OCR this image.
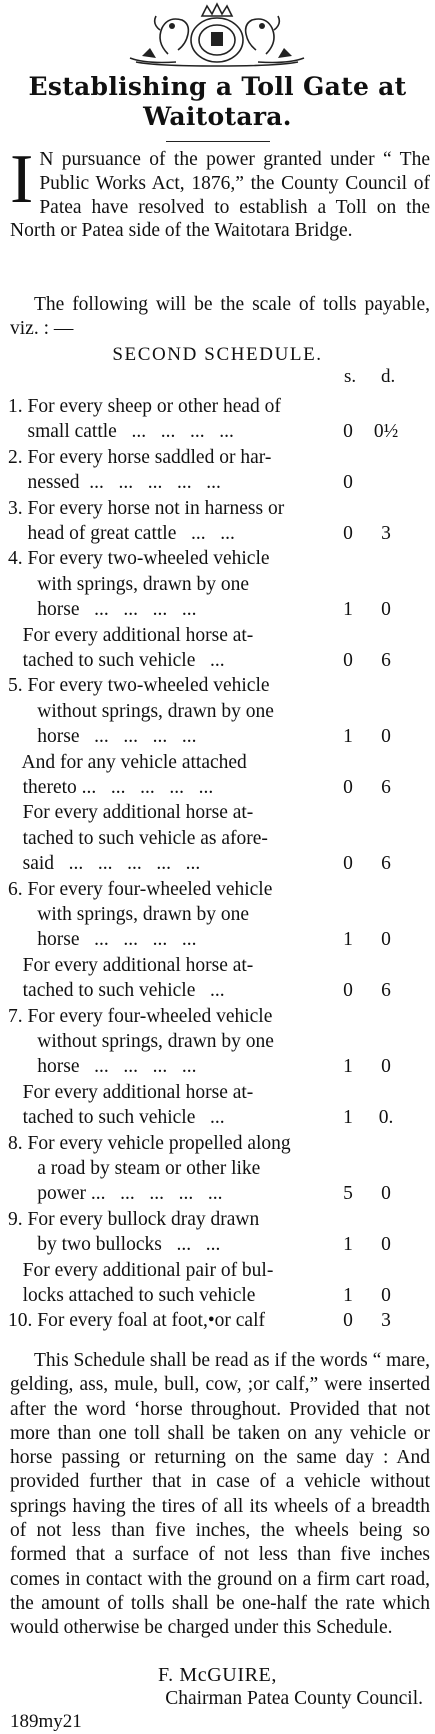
Establishing a Toll Gate at Waitotara.

I N pursuance of the power granted under “ The Public Works Act, 1876,” the County Council of Patea have resolved to establish a Toll on the North or Patea side of the Waitotara Bridge.

The following will be the scale of tolls payable, viz. : —

SECOND SCHEDULE.
s. d.
1. For every sheep or other head of
small cattle   ...   ...   ...   ...	0 0½
2. For every horse saddled or har-
nessed  ...   ...   ...   ...   ...	0
3. For every horse not in harness or
head of great cattle   ...   ...	0	3
4. For every two-wheeled vehicle
with springs, drawn by one
horse   ...   ...   ...   ...	1	0
For every additional horse at-
tached to such vehicle   ...	0	6
5. For every two-wheeled vehicle
without springs, drawn by one
horse   ...   ...   ...   ...	1	0
And for any vehicle attached
thereto ...   ...   ...   ...   ...	0	6
For every additional horse at-
tached to such vehicle as afore-
said   ...   ...   ...   ...   ...	0	6
6. For every four-wheeled vehicle
with springs, drawn by one
horse   ...   ...   ...   ...	1	0
For every additional horse at-
tached to such vehicle   ...	0	6
7. For every four-wheeled vehicle
without springs, drawn by one
horse   ...   ...   ...   ...	1	0
For every additional horse at-
tached to such vehicle   ...	1	0.
8. For every vehicle propelled along
a road by steam or other like
power ...   ...   ...   ...   ...	5	0
9. For every bullock dray drawn
by two bullocks   ...   ...	1	0
For every additional pair of bul-
locks attached to such vehicle	1	0
10. For every foal at foot,•or calf	0	3

This Schedule shall be read as if the words “ mare, gelding, ass, mule, bull, cow, ;or calf,” were inserted after the word ‘horse throughout. Provided that not more than one toll shall be taken on any vehicle or horse passing or returning on the same day : And provided further that in case of a vehicle without springs having the tires of all its wheels of a breadth of not less than five inches, the wheels being so formed that a surface of not less than five inches comes in contact with the ground on a firm cart road, the amount of tolls shall be one-half the rate which would otherwise be charged under this Schedule.

F. McGUIRE,
Chairman Patea County Council.
189my21
